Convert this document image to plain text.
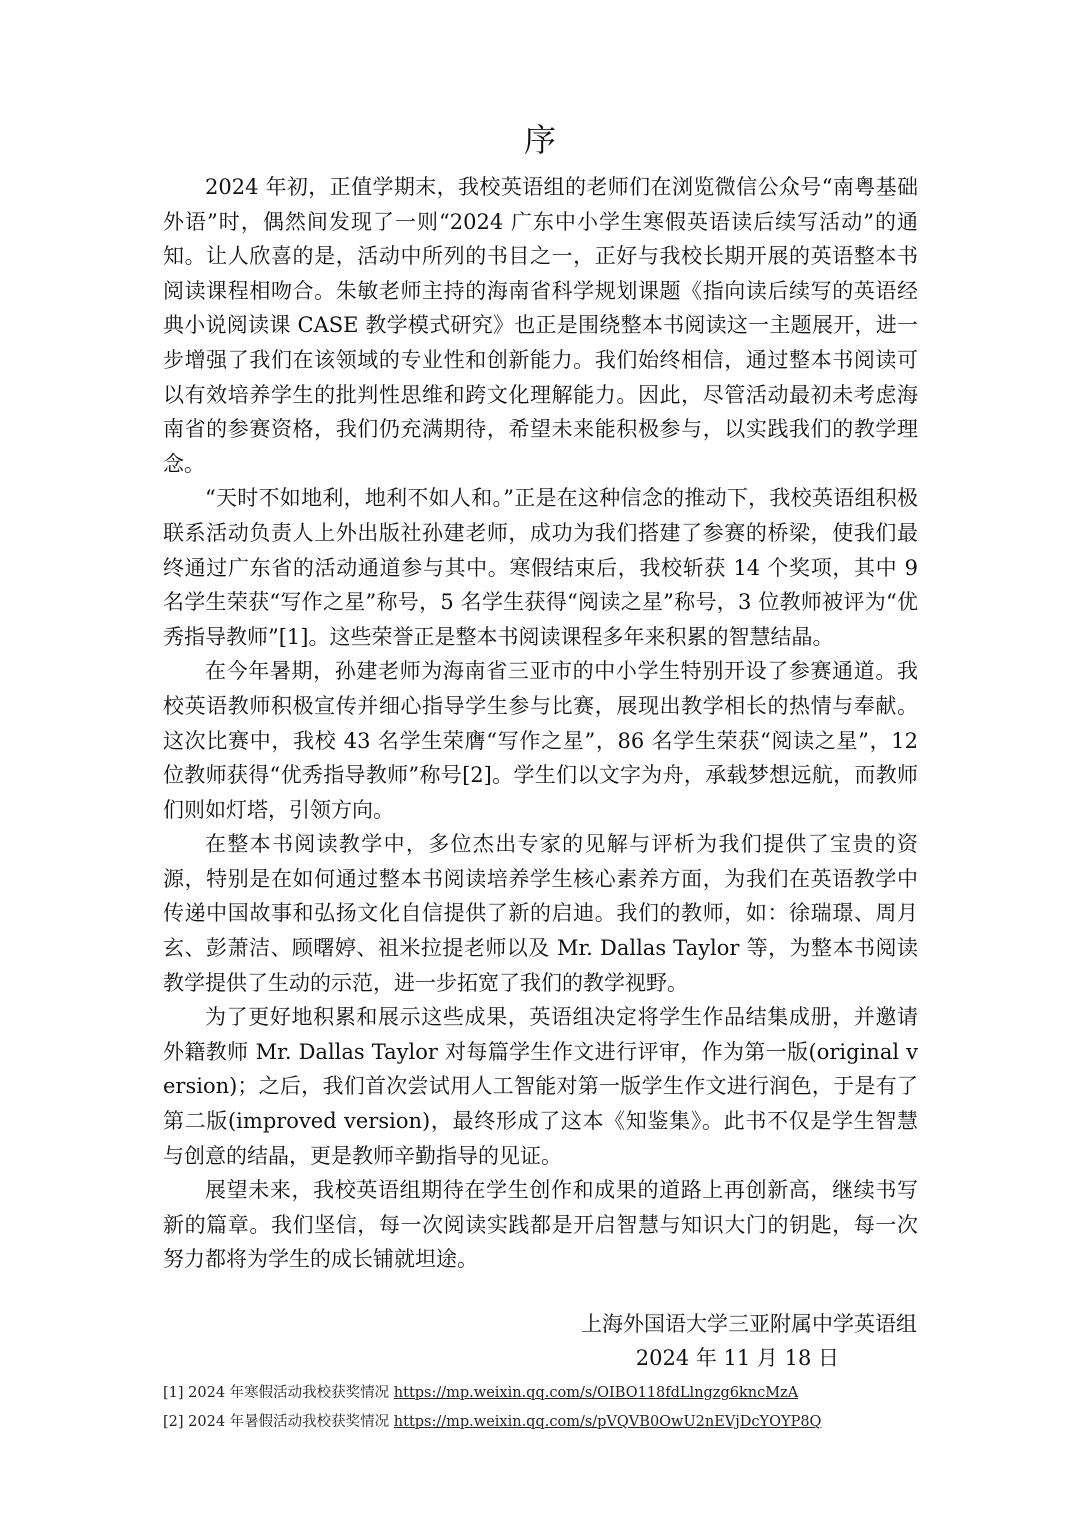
序

2024 年初，正值学期末，我校英语组的老师们在浏览微信公众号“南粤基础外语”时，偶然间发现了一则“2024 广东中小学生寒假英语读后续写活动”的通知。让人欣喜的是，活动中所列的书目之一，正好与我校长期开展的英语整本书阅读课程相吻合。朱敏老师主持的海南省科学规划课题《指向读后续写的英语经典小说阅读课 CASE 教学模式研究》也正是围绕整本书阅读这一主题展开，进一步增强了我们在该领域的专业性和创新能力。我们始终相信，通过整本书阅读可以有效培养学生的批判性思维和跨文化理解能力。因此，尽管活动最初未考虑海南省的参赛资格，我们仍充满期待，希望未来能积极参与，以实践我们的教学理念。

“天时不如地利，地利不如人和。”正是在这种信念的推动下，我校英语组积极联系活动负责人上外出版社孙建老师，成功为我们搭建了参赛的桥梁，使我们最终通过广东省的活动通道参与其中。寒假结束后，我校斩获 14 个奖项，其中 9 名学生荣获“写作之星”称号，5 名学生获得“阅读之星”称号，3 位教师被评为“优秀指导教师”[1]。这些荣誉正是整本书阅读课程多年来积累的智慧结晶。

在今年暑期，孙建老师为海南省三亚市的中小学生特别开设了参赛通道。我校英语教师积极宣传并细心指导学生参与比赛，展现出教学相长的热情与奉献。这次比赛中，我校 43 名学生荣膺“写作之星”，86 名学生荣获“阅读之星”，12 位教师获得“优秀指导教师”称号[2]。学生们以文字为舟，承载梦想远航，而教师们则如灯塔，引领方向。

在整本书阅读教学中，多位杰出专家的见解与评析为我们提供了宝贵的资源，特别是在如何通过整本书阅读培养学生核心素养方面，为我们在英语教学中传递中国故事和弘扬文化自信提供了新的启迪。我们的教师，如：徐瑞璟、周月玄、彭萧洁、顾曙婷、祖米拉提老师以及 Mr. Dallas Taylor 等，为整本书阅读教学提供了生动的示范，进一步拓宽了我们的教学视野。

为了更好地积累和展示这些成果，英语组决定将学生作品结集成册，并邀请外籍教师 Mr. Dallas Taylor 对每篇学生作文进行评审，作为第一版(original version)；之后，我们首次尝试用人工智能对第一版学生作文进行润色，于是有了第二版(improved version)，最终形成了这本《知鉴集》。此书不仅是学生智慧与创意的结晶，更是教师辛勤指导的见证。

展望未来，我校英语组期待在学生创作和成果的道路上再创新高，继续书写新的篇章。我们坚信，每一次阅读实践都是开启智慧与知识大门的钥匙，每一次努力都将为学生的成长铺就坦途。

上海外国语大学三亚附属中学英语组
2024 年 11 月 18 日
[1] 2024 年寒假活动我校获奖情况 https://mp.weixin.qq.com/s/OIBO118fdLlngzg6kncMzA
[2] 2024 年暑假活动我校获奖情况 https://mp.weixin.qq.com/s/pVQVB0OwU2nEVjDcYOYP8Q
